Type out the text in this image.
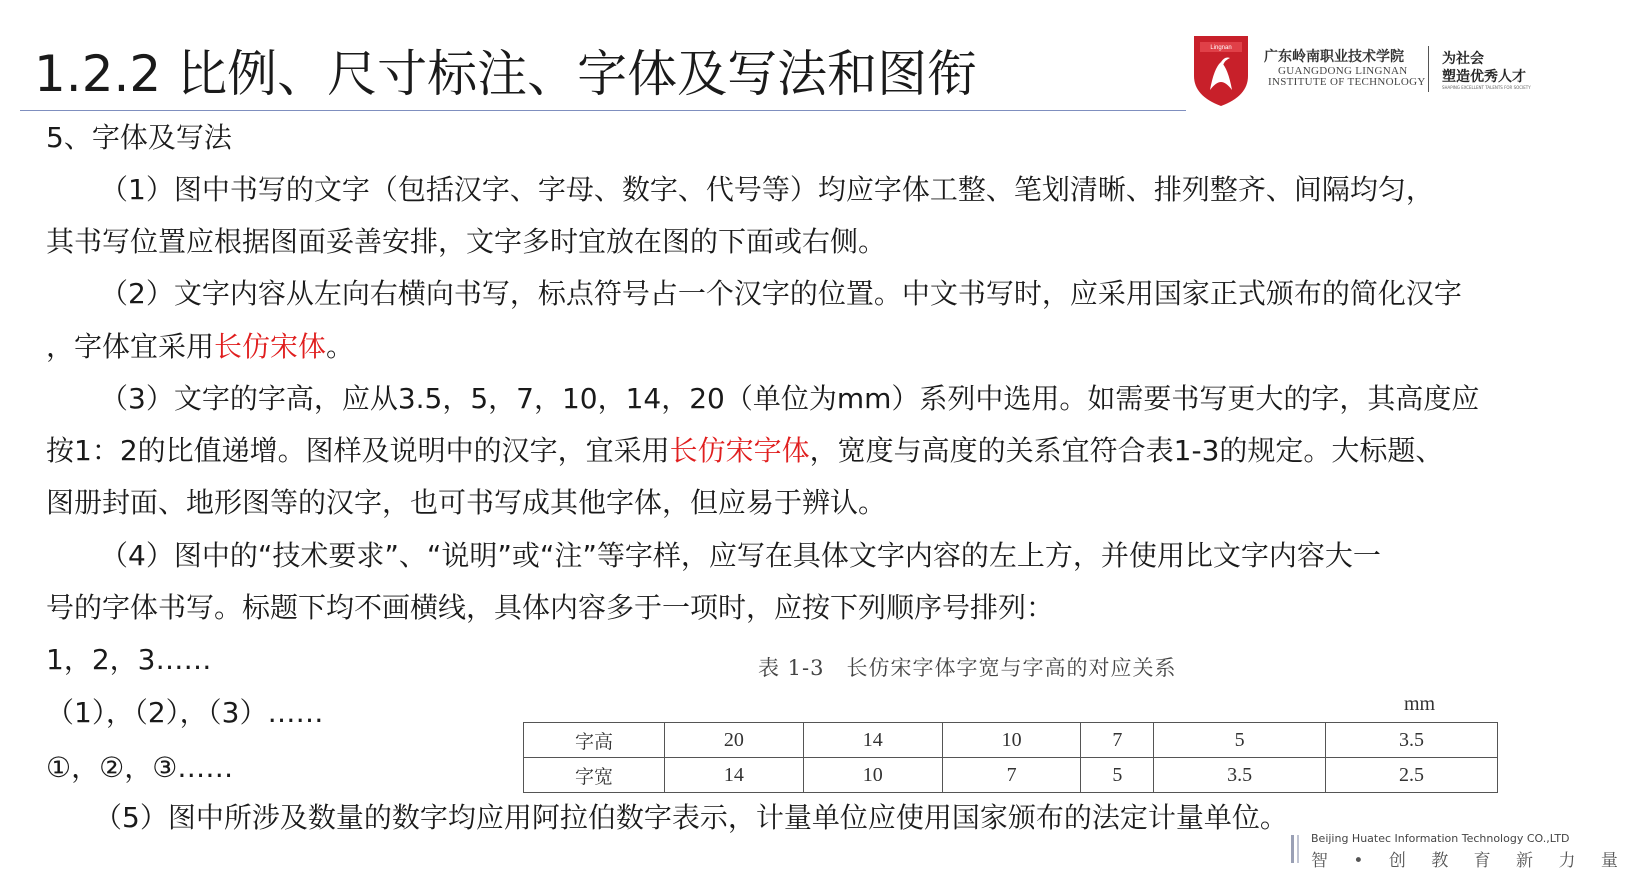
1.2.2 比例、尺寸标注、字体及写法和图衔	Lingnan
广东岭南职业技术学院
GUANGDONG LINGNAN
INSTITUTE OF TECHNOLOGY
为社会
塑造优秀人才
SHAPING EXCELLENT TALENTS FOR SOCIETY
5、字体及写法
（1）图中书写的文字（包括汉字、字母、数字、代号等）均应字体工整、笔划清晰、排列整齐、间隔均匀，
其书写位置应根据图面妥善安排，文字多时宜放在图的下面或右侧。
（2）文字内容从左向右横向书写，标点符号占一个汉字的位置。中文书写时，应采用国家正式颁布的简化汉字
，字体宜采用长仿宋体。
（3）文字的字高，应从3.5，5，7，10，14，20（单位为mm）系列中选用。如需要书写更大的字，其高度应
按1：2的比值递增。图样及说明中的汉字，宜采用长仿宋字体，宽度与高度的关系宜符合表1-3的规定。大标题、
图册封面、地形图等的汉字，也可书写成其他字体，但应易于辨认。
（4）图中的“技术要求”、“说明”或“注”等字样，应写在具体文字内容的左上方，并使用比文字内容大一
号的字体书写。标题下均不画横线，具体内容多于一项时，应按下列顺序号排列：
1，2，3……
（1），（2），（3）……
①，②，③……
（5）图中所涉及数量的数字均应用阿拉伯数字表示，计量单位应使用国家颁布的法定计量单位。
表 1-3　长仿宋字体字宽与字高的对应关系
mm
字高	20	14	10	7	5	3.5
字宽	14	10	7	5	3.5	2.5
Beijing Huatec Information Technology CO.,LTD
智 • 创 教 育 新 力 量
